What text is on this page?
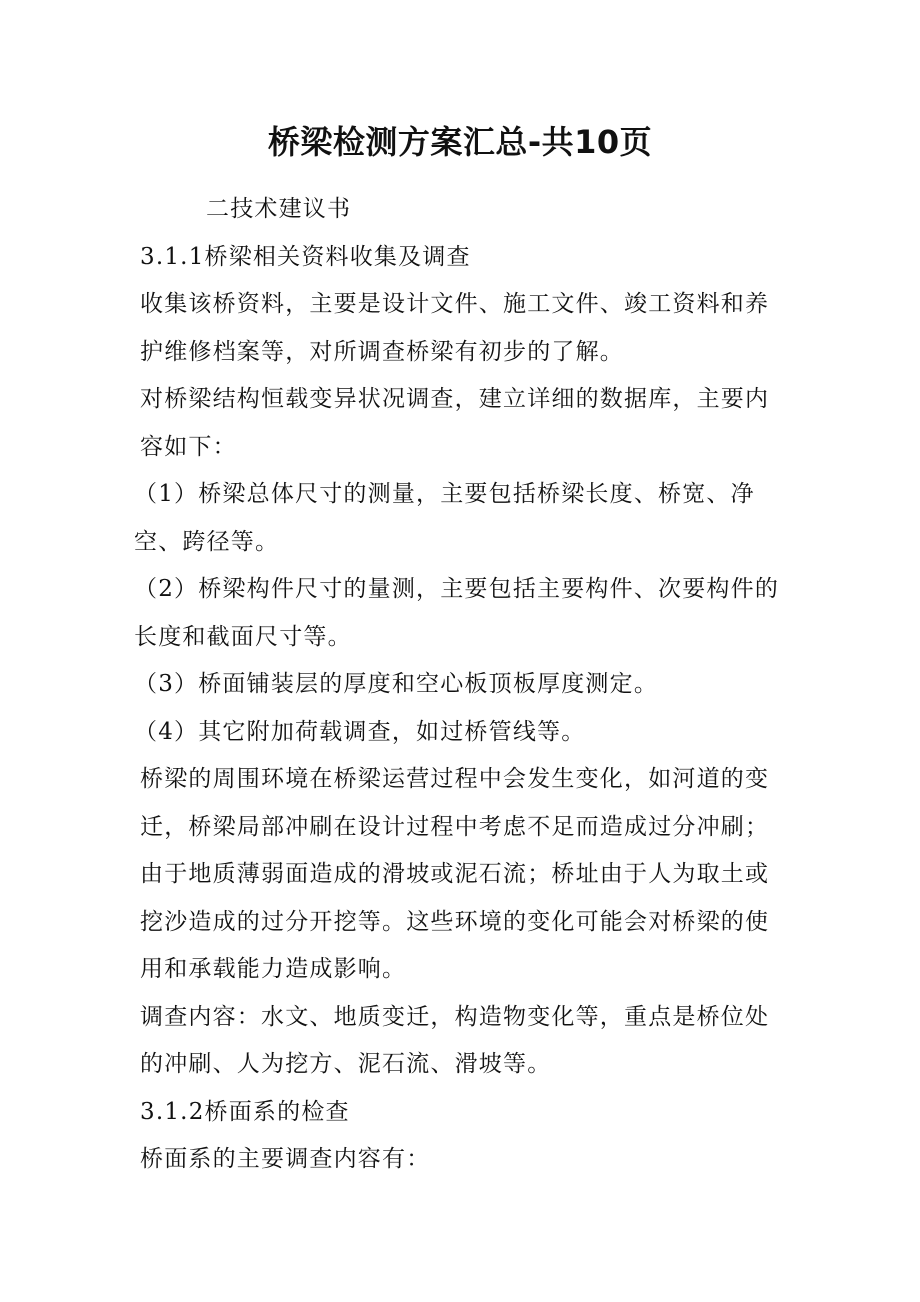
桥梁检测方案汇总-共10页

二技术建议书

3.1.1桥梁相关资料收集及调查

收集该桥资料，主要是设计文件、施工文件、竣工资料和养护维修档案等，对所调查桥梁有初步的了解。

对桥梁结构恒载变异状况调查，建立详细的数据库，主要内容如下：

（1）桥梁总体尺寸的测量，主要包括桥梁长度、桥宽、净空、跨径等。

（2）桥梁构件尺寸的量测，主要包括主要构件、次要构件的长度和截面尺寸等。

（3）桥面铺装层的厚度和空心板顶板厚度测定。

（4）其它附加荷载调查，如过桥管线等。

桥梁的周围环境在桥梁运营过程中会发生变化，如河道的变迁，桥梁局部冲刷在设计过程中考虑不足而造成过分冲刷；由于地质薄弱面造成的滑坡或泥石流；桥址由于人为取土或挖沙造成的过分开挖等。这些环境的变化可能会对桥梁的使用和承载能力造成影响。

调查内容：水文、地质变迁，构造物变化等，重点是桥位处的冲刷、人为挖方、泥石流、滑坡等。

3.1.2桥面系的检查

桥面系的主要调查内容有：
